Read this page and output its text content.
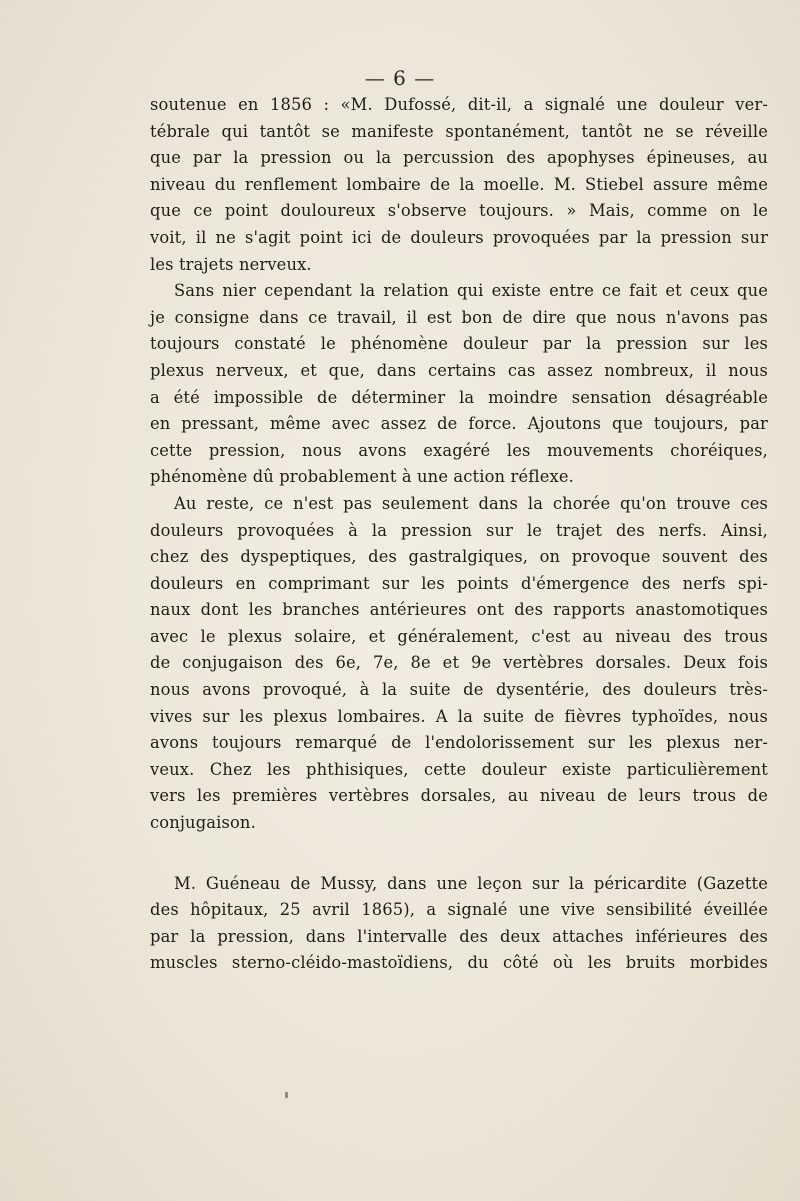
— 6 —
soutenue en 1856 : «M. Dufossé, dit-il, a signalé une douleur ver-
tébrale qui tantôt se manifeste spontanément, tantôt ne se réveille
que par la pression ou la percussion des apophyses épineuses, au
niveau du renflement lombaire de la moelle. M. Stiebel assure même
que ce point douloureux s'observe toujours. » Mais, comme on le
voit, il ne s'agit point ici de douleurs provoquées par la pression sur
les trajets nerveux.
Sans nier cependant la relation qui existe entre ce fait et ceux que
je consigne dans ce travail, il est bon de dire que nous n'avons pas
toujours constaté le phénomène douleur par la pression sur les
plexus nerveux, et que, dans certains cas assez nombreux, il nous
a été impossible de déterminer la moindre sensation désagréable
en pressant, même avec assez de force. Ajoutons que toujours, par
cette pression, nous avons exagéré les mouvements choréiques,
phénomène dû probablement à une action réflexe.
Au reste, ce n'est pas seulement dans la chorée qu'on trouve ces
douleurs provoquées à la pression sur le trajet des nerfs. Ainsi,
chez des dyspeptiques, des gastralgiques, on provoque souvent des
douleurs en comprimant sur les points d'émergence des nerfs spi-
naux dont les branches antérieures ont des rapports anastomotiques
avec le plexus solaire, et généralement, c'est au niveau des trous
de conjugaison des 6e, 7e, 8e et 9e vertèbres dorsales. Deux fois
nous avons provoqué, à la suite de dysentérie, des douleurs très-
vives sur les plexus lombaires. A la suite de fièvres typhoïdes, nous
avons toujours remarqué de l'endolorissement sur les plexus ner-
veux. Chez les phthisiques, cette douleur existe particulièrement
vers les premières vertèbres dorsales, au niveau de leurs trous de
conjugaison.
M. Guéneau de Mussy, dans une leçon sur la péricardite (Gazette
des hôpitaux, 25 avril 1865), a signalé une vive sensibilité éveillée
par la pression, dans l'intervalle des deux attaches inférieures des
muscles sterno-cléido-mastoïdiens, du côté où les bruits morbides
